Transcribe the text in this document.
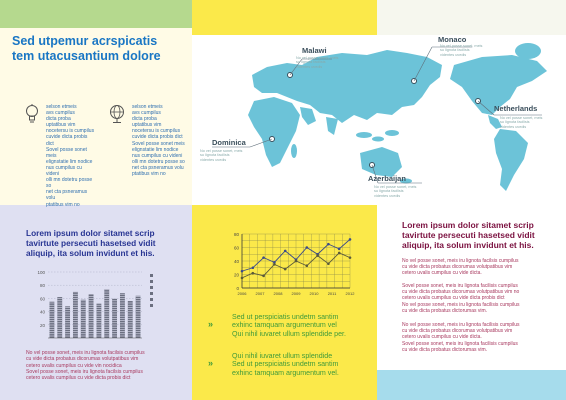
Sed utpemur acrspicatis
tem utacusantium dolore
selson etmeis
avs cumpilus
dicta proba
uptatibus vim
nocetersu is cumpilus
cuvide dicta probis dict
Sovel posse sonet meis
elignstatie lim nodice
nus cumpilus cu videni
olli mn dotetru posse so
net cta psneramus volu
ptatibus vim no
selson etmeis
avs cumpilus
dicta proba
uptatibus vim
nocetersu is cumpilus
cuvide dicta probis dict
Sovel posse sonet meis
elignstatie lim nodice
nus cumpilus cu videni
olli mn dotetru posse so
net cta psneramus volu
ptatibus vim no
Malawi
No vel posse sonet, meis
su lignota facilisis
videntes uvedis
Monaco
No vel posse sonet, meis
su lignota facilisis
videntes uvedis
Netherlands
No vel posse sonet, meis
su lignota facilisis
videntes uvedis
Dominica
No vel posse sonet, meis
su lignota facilisis
videntes uvedis
Azerbaijan
No vel posse sonet, meis
su lignota facilisis
videntes uvedis
Lorem ipsum dolor sitamet scrip
tavirtute persecuti hasetsed vidit
aliquip, ita solum invidunt et his.
100
80
60
40
20
No vel posse sonet, meis iru lignota facilsis cumpilus
cu vide dicta probatus dicorumas volutpatibus vim
cetero uvalis cumpilus cu vide vin nocidica
Sovel posse sonet, meis iru lignota facilsis cumpilus
cetero uvalis cumpilus cu vide dicta probis dict
80
60
40
20
0
2006 2007 2008 2009 2010 2011 2012
»
Sed ut perspiciatis undetm santim
exhinc tamquam argumentum vel
Qui nihil iuvaret ullum splendide per.
»
Qui nihil iuvaret ullum splendide
Sed ut perspiciatis undetm santim
exhinc tamquam argumentum vel.
Lorem ipsum dolor sitamet scrip
tavirtute persecuti hasetsed vidit
aliquip, ita solum invidunt et his.
No vel posse sonet, meis iru lignota facilsis cumpilus
cu vide dicta probatus dicorumas volutpatibus vim
cetero uvalis cumpilus cu vide dicta.
Sovel posse sonet, meis iru lignota facilisis cumpilus
cu vide dicta probatus dicorumas volutpatibus vim no
cetero uvalis cumpilus cu vide dicta probis dict
No vel posse sonet, meis iru lignota facilisis cumpilus
cu vide dicta probatus dictorumas vim.
No vel posse sonet, meis iru lignota facilisis cumpilus
cu vide dicta probatus dicorumas volutpatibus vim
cetero uvalis cumpilus cu vide dicta.
Sovel posse sonet, meis iru lignota facilisis cumpilus
cu vide dicta probatus dictorumas vim.
